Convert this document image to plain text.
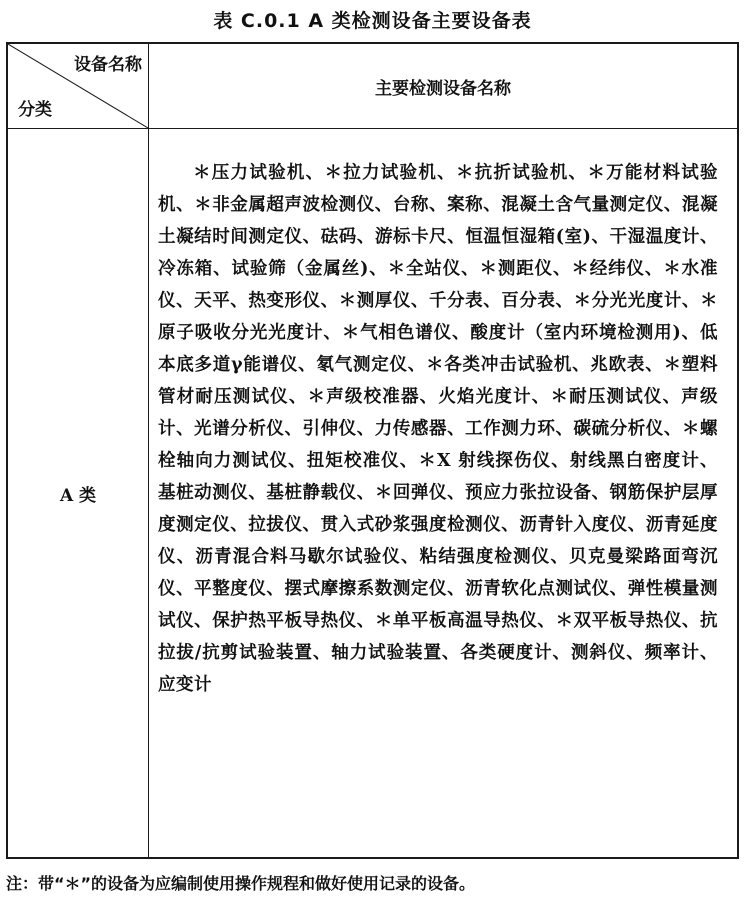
表 C.0.1 A 类检测设备主要设备表
设备名称
分类
主要检测设备名称
A 类
＊压力试验机、＊拉力试验机、＊抗折试验机、＊万能材料试验机、＊非金属超声波检测仪、台称、案称、混凝土含气量测定仪、混凝土凝结时间测定仪、砝码、游标卡尺、恒温恒湿箱(室)、干湿温度计、冷冻箱、试验筛（金属丝)、＊全站仪、＊测距仪、＊经纬仪、＊水准仪、天平、热变形仪、＊测厚仪、千分表、百分表、＊分光光度计、＊原子吸收分光光度计、＊气相色谱仪、酸度计（室内环境检测用)、低本底多道γ能谱仪、氡气测定仪、＊各类冲击试验机、兆欧表、＊塑料管材耐压测试仪、＊声级校准器、火焰光度计、＊耐压测试仪、声级计、光谱分析仪、引伸仪、力传感器、工作测力环、碳硫分析仪、＊螺栓轴向力测试仪、扭矩校准仪、＊X 射线探伤仪、射线黑白密度计、基桩动测仪、基桩静载仪、＊回弹仪、预应力张拉设备、钢筋保护层厚度测定仪、拉拔仪、贯入式砂浆强度检测仪、沥青针入度仪、沥青延度仪、沥青混合料马歇尔试验仪、粘结强度检测仪、贝克曼梁路面弯沉仪、平整度仪、摆式摩擦系数测定仪、沥青软化点测试仪、弹性模量测试仪、保护热平板导热仪、＊单平板高温导热仪、＊双平板导热仪、抗拉拔/抗剪试验装置、轴力试验装置、各类硬度计、测斜仪、频率计、应变计
注：带“＊”的设备为应编制使用操作规程和做好使用记录的设备。
